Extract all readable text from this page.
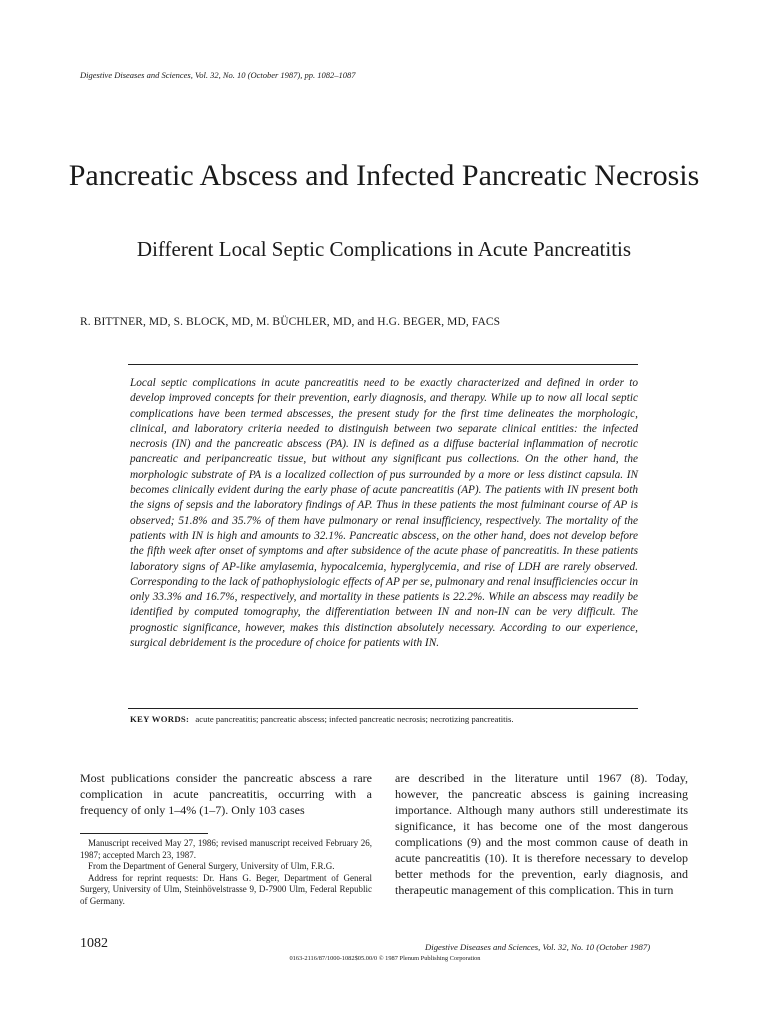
Digestive Diseases and Sciences, Vol. 32, No. 10 (October 1987), pp. 1082–1087
Pancreatic Abscess and Infected Pancreatic Necrosis
Different Local Septic Complications in Acute Pancreatitis
R. BITTNER, MD, S. BLOCK, MD, M. BÜCHLER, MD, and H.G. BEGER, MD, FACS
Local septic complications in acute pancreatitis need to be exactly characterized and defined in order to develop improved concepts for their prevention, early diagnosis, and therapy. While up to now all local septic complications have been termed abscesses, the present study for the first time delineates the morphologic, clinical, and laboratory criteria needed to distinguish between two separate clinical entities: the infected necrosis (IN) and the pancreatic abscess (PA). IN is defined as a diffuse bacterial inflammation of necrotic pancreatic and peripancreatic tissue, but without any significant pus collections. On the other hand, the morphologic substrate of PA is a localized collection of pus surrounded by a more or less distinct capsula. IN becomes clinically evident during the early phase of acute pancreatitis (AP). The patients with IN present both the signs of sepsis and the laboratory findings of AP. Thus in these patients the most fulminant course of AP is observed; 51.8% and 35.7% of them have pulmonary or renal insufficiency, respectively. The mortality of the patients with IN is high and amounts to 32.1%. Pancreatic abscess, on the other hand, does not develop before the fifth week after onset of symptoms and after subsidence of the acute phase of pancreatitis. In these patients laboratory signs of AP-like amylasemia, hypocalcemia, hyperglycemia, and rise of LDH are rarely observed. Corresponding to the lack of pathophysiologic effects of AP per se, pulmonary and renal insufficiencies occur in only 33.3% and 16.7%, respectively, and mortality in these patients is 22.2%. While an abscess may readily be identified by computed tomography, the differentiation between IN and non-IN can be very difficult. The prognostic significance, however, makes this distinction absolutely necessary. According to our experience, surgical debridement is the procedure of choice for patients with IN.
KEY WORDS: acute pancreatitis; pancreatic abscess; infected pancreatic necrosis; necrotizing pancreatitis.
Most publications consider the pancreatic abscess a rare complication in acute pancreatitis, occurring with a frequency of only 1–4% (1–7). Only 103 cases
are described in the literature until 1967 (8). Today, however, the pancreatic abscess is gaining increasing importance. Although many authors still underestimate its significance, it has become one of the most dangerous complications (9) and the most common cause of death in acute pancreatitis (10). It is therefore necessary to develop better methods for the prevention, early diagnosis, and therapeutic management of this complication. This in turn

Manuscript received May 27, 1986; revised manuscript received February 26, 1987; accepted March 23, 1987.

From the Department of General Surgery, University of Ulm, F.R.G.

Address for reprint requests: Dr. Hans G. Beger, Department of General Surgery, University of Ulm, Steinhövelstrasse 9, D-7900 Ulm, Federal Republic of Germany.

1082	Digestive Diseases and Sciences, Vol. 32, No. 10 (October 1987)
0163-2116/87/1000-1082$05.00/0 © 1987 Plenum Publishing Corporation
